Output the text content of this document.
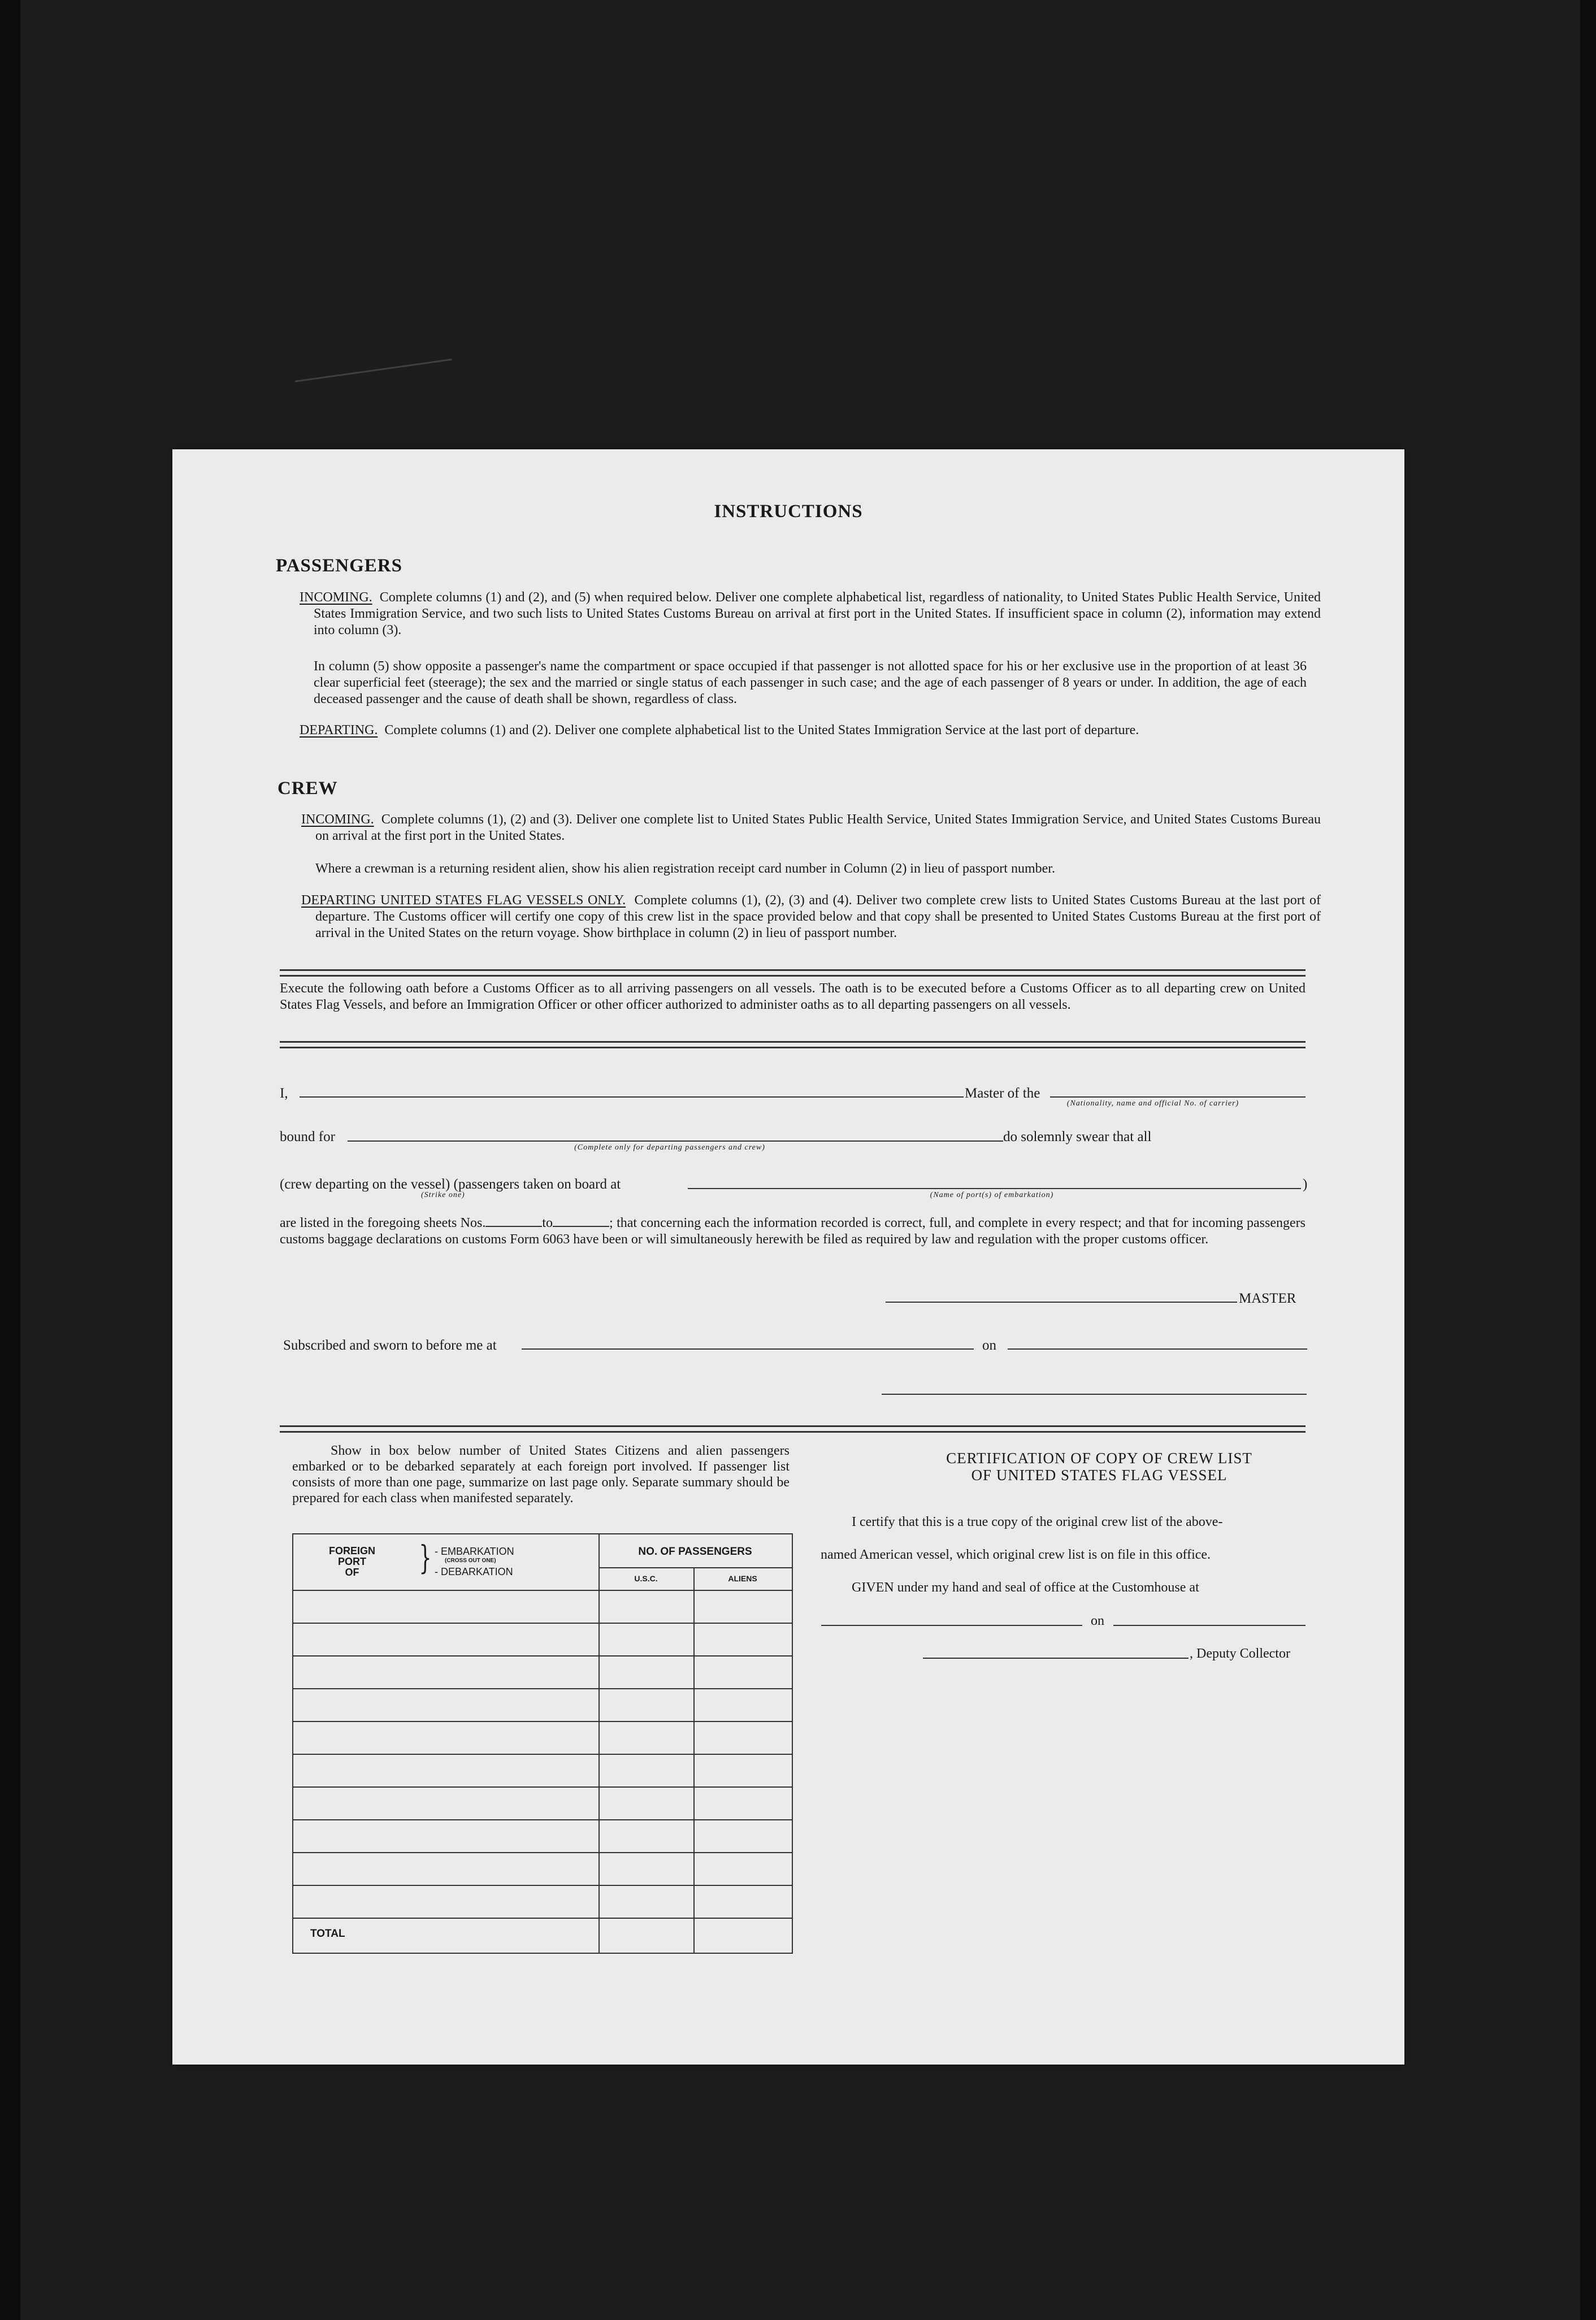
INSTRUCTIONS
PASSENGERS
INCOMING. Complete columns (1) and (2), and (5) when required below. Deliver one complete alphabetical list, regardless of nationality, to United States Public Health Service, United States Immigration Service, and two such lists to United States Customs Bureau on arrival at first port in the United States. If insufficient space in column (2), information may extend into column (3).
In column (5) show opposite a passenger's name the compartment or space occupied if that passenger is not allotted space for his or her exclusive use in the proportion of at least 36 clear superficial feet (steerage); the sex and the married or single status of each passenger in such case; and the age of each passenger of 8 years or under. In addition, the age of each deceased passenger and the cause of death shall be shown, regardless of class.
DEPARTING. Complete columns (1) and (2). Deliver one complete alphabetical list to the United States Immigration Service at the last port of departure.
CREW
INCOMING. Complete columns (1), (2) and (3). Deliver one complete list to United States Public Health Service, United States Immigration Service, and United States Customs Bureau on arrival at the first port in the United States.
Where a crewman is a returning resident alien, show his alien registration receipt card number in Column (2) in lieu of passport number.
DEPARTING UNITED STATES FLAG VESSELS ONLY. Complete columns (1), (2), (3) and (4). Deliver two complete crew lists to United States Customs Bureau at the last port of departure. The Customs officer will certify one copy of this crew list in the space provided below and that copy shall be presented to United States Customs Bureau at the first port of arrival in the United States on the return voyage. Show birthplace in column (2) in lieu of passport number.
Execute the following oath before a Customs Officer as to all arriving passengers on all vessels. The oath is to be executed before a Customs Officer as to all departing crew on United States Flag Vessels, and before an Immigration Officer or other officer authorized to administer oaths as to all departing passengers on all vessels.
I,	Master of the
(Nationality, name and official No. of carrier)
bound for
(Complete only for departing passengers and crew)
do solemnly swear that all
(crew departing on the vessel) (passengers taken on board at
(Strike one)	(Name of port(s) of embarkation)
)
are listed in the foregoing sheets Nos.	to	; that concerning each the information recorded is correct, full, and complete in every respect; and that for incoming passengers customs baggage declarations on customs Form 6063 have been or will simultaneously herewith be filed as required by law and regulation with the proper customs officer.
MASTER
Subscribed and sworn to before me at	on
Show in box below number of United States Citizens and alien passengers embarked or to be debarked separately at each foreign port involved. If passenger list consists of more than one page, summarize on last page only. Separate summary should be prepared for each class when manifested separately.
FOREIGN
PORT
OF	} - EMBARKATION
(CROSS OUT ONE)
- DEBARKATION
NO. OF PASSENGERS
U.S.C.	ALIENS
TOTAL
CERTIFICATION OF COPY OF CREW LIST
OF UNITED STATES FLAG VESSEL
I certify that this is a true copy of the original crew list of the above-
named American vessel, which original crew list is on file in this office.
GIVEN under my hand and seal of office at the Customhouse at
on
, Deputy Collector
